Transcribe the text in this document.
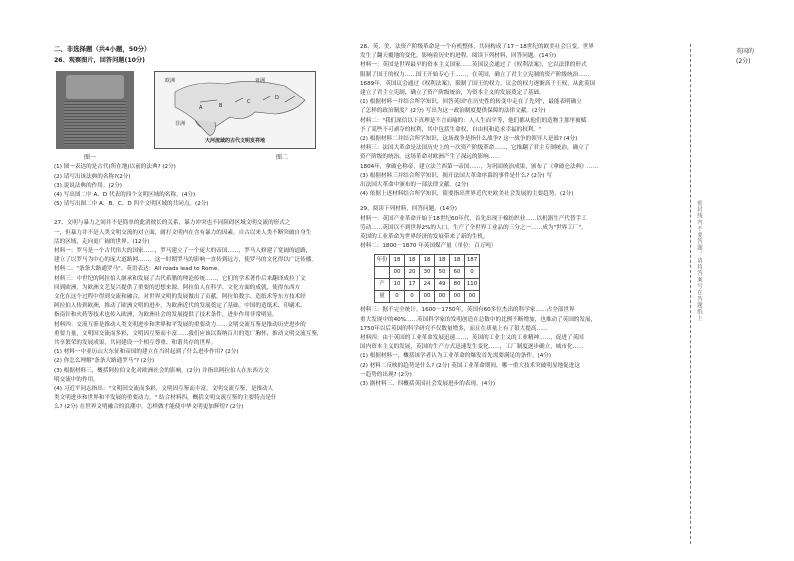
二、非选择题（共4小题，50分）
26、观察图片，回答问题(10分)
欧洲	亚洲
非洲
A	B
C
D
大河流域的古代文明发祥地
图一	图二
(1) 图一表达的是古代(所在地)以前的法典? (2分)
(2) 请写出该法典的名称?(2分)
(3) 说说法典的作用。(2分)
(4) 写出图二中 A、D 代表的四个文明区域的名称。(4分)
(5) 请写出图二中 A、B、C、D 四个文明区域的共同点。(2分)
27、文明与暴力之间并不是简单的此消彼长的关系，暴力冲突也不同阻碍区域文明交流的形式之
一，但暴力并不是人类文明交流的对立面，耐打文明内在含有暴力的因素。自古以来人类不断突破自身生
活的区域，走向更广阔的世界。(12分)
材料一：罗马是一个古代伟大的国家……，罗马建立了一个庞大的帝国……，罗马人修建了宽阔的道路，
建立了以罗马为中心的庞大道路网……，这一时期罗马的影响一直传到远方，使罗马的文化得以广泛传播。
材料二："条条大路通罗马"。英语表达：All roads lead to Rome.
材料三：中世纪的阿拉伯人继承和发展了古代希腊的理论传统……，它们的学术著作后来翻译成拉丁文
回到欧洲，为欧洲文艺复兴提供了重要的思想来源。阿拉伯人在科学、文化方面的成就，使得东西方
文化在这个过程中得到交流和融合，对世界文明的发展做出了贡献。阿拉伯数字、造纸术等东方技术经
阿拉伯人传到欧洲，推动了欧洲文明的进步，为欧洲近代的发展奠定了基础。中国的造纸术、印刷术、
指南针和火药等技术也传入欧洲，为欧洲社会的发展提供了技术条件，进步作用非常明显。
材料四：交流互鉴是推动人类文明进步和世界和平发展的重要动力……文明交流互鉴是推动历史进步的
重要力量，文明因交流而多彩，文明因互鉴而丰富……我们应该以海纳百川的宽广胸怀，推动文明交流互鉴，
共享繁荣的发展成果，共同建设一个相互尊重、和谐共存的世界。
(1) 材料一中亚历山大东征和帝国的建立在当时起到了什么进步作用? (2分)
(2) 你怎么理解"条条大路通罗马"? (2分)
(3) 根据材料三，概括阿拉伯文化对欧洲社会的影响。(2分) 并指出阿拉伯人在东西方文
明交流中的作用。
(4) 习近平同志指出："文明因交流而多彩，文明因互鉴而丰富。文明交流互鉴，是推动人
类文明进步和世界和平发展的重要动力。" 结合材料四，概括文明交流互鉴的主要特点是什
么? (2分) 在世界文明融合的浪潮中，怎样做才能使中华文明更加辉煌? (2分)
28、英、美、法资产阶级革命是一个有机整体，共同构成了17－18世纪的欧美社会巨变，世界
发生了翻天覆地的变化，影响着历史的进程。阅读下列材料，回答问题。(14分)
材料一：英国是世界最早的资本主义国家……英国议会通过了《权利法案》，它以法律的形式
限制了国王的权力……国王开始专心于……，在英国，确立了君主立宪制的资产阶级统治……
1689年，英国议会通过《权利法案》，限制了国王的权力，议会的权力逐渐高于王权，从此英国
建立了君主立宪制，确立了资产阶级统治，为资本主义的发展奠定了基础。
(1) 根据材料一并结合所学知识，回答英国"在历史性的转变中走在了先列"，最能表明确立
了怎样的政治制度？(2分) 写出为这一政治制度提供保障的法律文献。(2分)
材料二："我们深信以下真理是不言而喻的：人人生而平等，他们都从他们的造物主那里被赋
予了某些不可剥夺的权利，其中包括生命权、自由权和追求幸福的权利。"
(2) 根据材料二并结合所学知识，这场战争是指什么战争? 这一战争的领导人是谁? (4分)
材料三：法国大革命是法国历史上的一次资产阶级革命……，它推翻了君主专制统治，确立了
资产阶级的统治，这场革命对欧洲产生了深远的影响……
1804年，拿破仑称帝，建立法兰西第一帝国……，为巩固统治成果，颁布了《拿破仑法典》……
(3) 根据材料三并结合所学知识，揭开法国大革命序幕的事件是什么? (2分) 写
出法国大革命中颁布的一部法律文献。(2分)
(4) 依据上述材料结合所学知识，简要指出世界近代史欧美社会发展的主要趋势。(2分)
29、阅读下列材料，回答问题。(14分)
材料一：英国产业革命开始于18世纪60年代，首先出现于棉纺织业……以机器生产代替手工
劳动……英国以不到世界2%的人口，生产了全世界工业品的三分之一……成为"世界工厂"。
英国的工业革命为世界经济的发展带来了新的生机。
材料二：1800－1870 年英国煤产量（单位：百万吨）
年份	18	18	18	18	18	187
	00	20	30	50	60	0
产	10	17	24	49	80	110
量	0	0	00	00	00	00
材料三：据不完全统计，1600－1750年，英国有60多位杰出的科学家……占全部世界
重大发现中的40%……英国科学家的发明创造在总数中的比例不断增加，也推动了英国的发展，
1750年以后英国的科学研究不仅数量增多，而且在质量上有了很大提高……
材料四：由于英国的工业革命发展迅速……，英国的工业主义的工业精神……，促进了英国
国内资本主义的发展，英国的生产方式迅速发生变化……，工厂制度逐步确立，城市化……
(1) 根据材料一，概括该学者认为工业革命的爆发首先需要满足的条件。(4分)
(2) 材料二反映的趋势是什么? (2分) 英国工业革命期间，哪一重大技术突破明显地促进这
一趋势的出现? (2分)
(3) 据材料三、四概括英国社会发展进步的表现。(4分)
密封线内不要答题，请将答案写在答题纸上
英国的
(2分)
